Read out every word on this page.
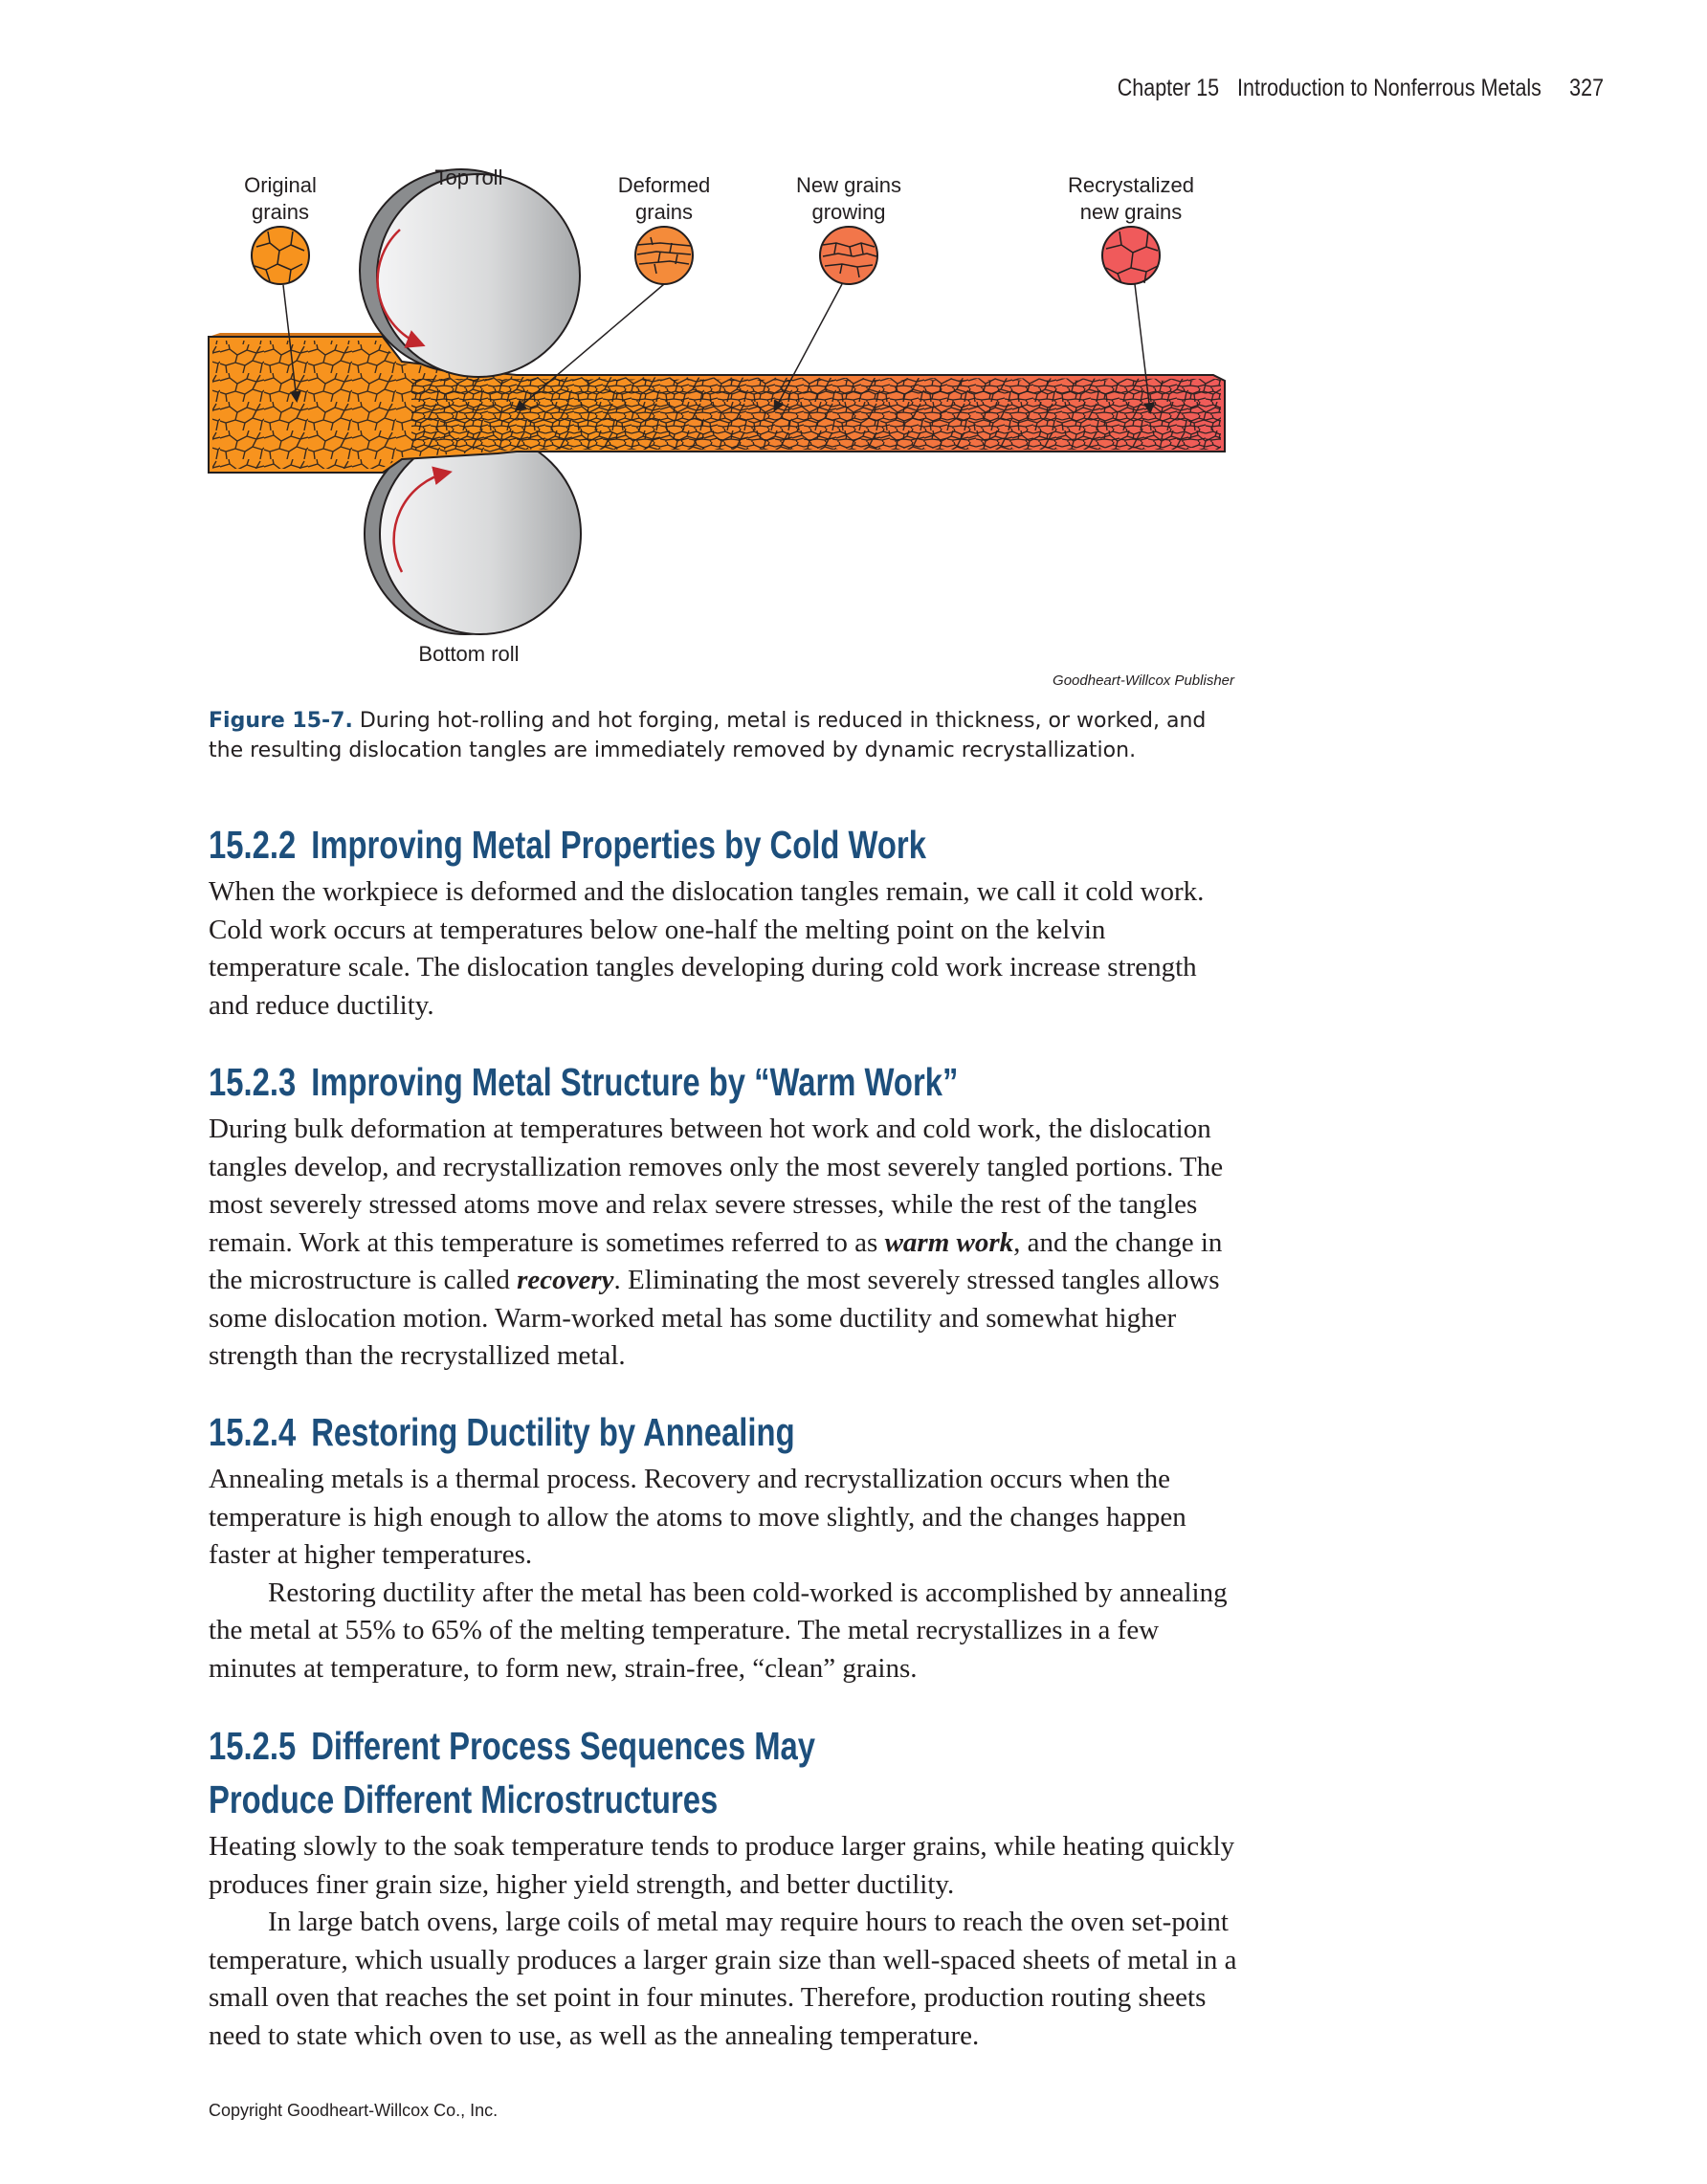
Chapter 15 Introduction to Nonferrous Metals 327
Original
grains
Top roll	Deformed
grains
New grains
growing
Recrystalized
new grains
Bottom roll
Goodheart-Willcox Publisher
Figure 15-7. During hot-rolling and hot forging, metal is reduced in thickness, or worked, and the resulting dislocation tangles are immediately removed by dynamic recrystallization.
15.2.2 Improving Metal Properties by Cold Work

When the workpiece is deformed and the dislocation tangles remain, we call it cold work. Cold work occurs at temperatures below one-half the melting point on the kelvin temperature scale. The dislocation tangles developing during cold work increase strength and reduce ductility.

15.2.3 Improving Metal Structure by “Warm Work”

During bulk deformation at temperatures between hot work and cold work, the dislocation tangles develop, and recrystallization removes only the most severely tangled portions. The most severely stressed atoms move and relax severe stresses, while the rest of the tangles remain. Work at this temperature is sometimes referred to as warm work, and the change in the microstructure is called recovery. Eliminating the most severely stressed tangles allows some dislocation motion. Warm-worked metal has some ductility and somewhat higher strength than the recrystallized metal.

15.2.4 Restoring Ductility by Annealing

Annealing metals is a thermal process. Recovery and recrystallization occurs when the temperature is high enough to allow the atoms to move slightly, and the changes happen faster at higher temperatures.

Restoring ductility after the metal has been cold-worked is accomplished by annealing the metal at 55% to 65% of the melting temperature. The metal recrystallizes in a few minutes at temperature, to form new, strain-free, “clean” grains.

15.2.5 Different Process Sequences May
Produce Different Microstructures

Heating slowly to the soak temperature tends to produce larger grains, while heating quickly produces finer grain size, higher yield strength, and better ductility.

In large batch ovens, large coils of metal may require hours to reach the oven set-point temperature, which usually produces a larger grain size than well-spaced sheets of metal in a small oven that reaches the set point in four minutes. Therefore, production routing sheets need to state which oven to use, as well as the annealing temperature.

Copyright Goodheart-Willcox Co., Inc.
